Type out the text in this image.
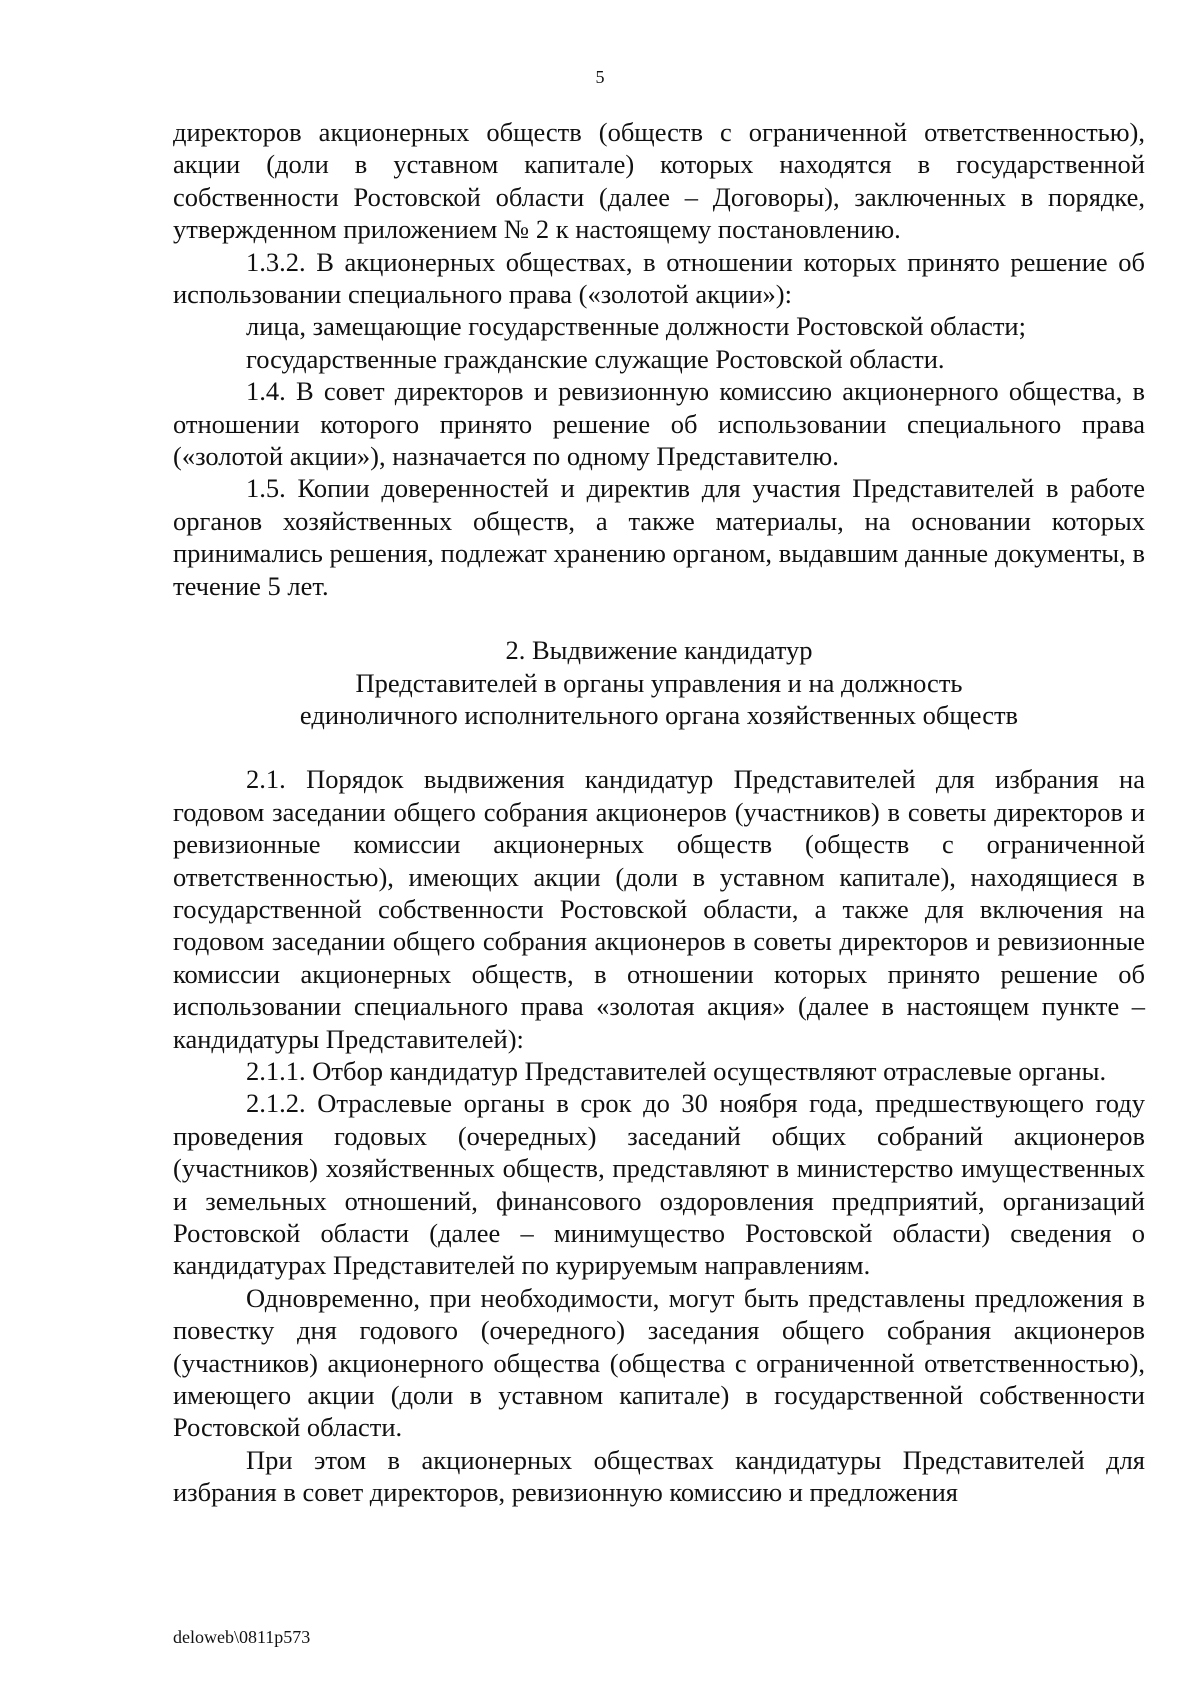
5

директоров акционерных обществ (обществ с ограниченной ответственностью), акции (доли в уставном капитале) которых находятся в государственной собственности Ростовской области (далее – Договоры), заключенных в порядке, утвержденном приложением № 2 к настоящему постановлению.

1.3.2. В акционерных обществах, в отношении которых принято решение об использовании специального права («золотой акции»):

лица, замещающие государственные должности Ростовской области;

государственные гражданские служащие Ростовской области.

1.4. В совет директоров и ревизионную комиссию акционерного общества, в отношении которого принято решение об использовании специального права («золотой акции»), назначается по одному Представителю.

1.5. Копии доверенностей и директив для участия Представителей в работе органов хозяйственных обществ, а также материалы, на основании которых принимались решения, подлежат хранению органом, выдавшим данные документы, в течение 5 лет.

2. Выдвижение кандидатур
Представителей в органы управления и на должность
единоличного исполнительного органа хозяйственных обществ

2.1. Порядок выдвижения кандидатур Представителей для избрания на годовом заседании общего собрания акционеров (участников) в советы директоров и ревизионные комиссии акционерных обществ (обществ с ограниченной ответственностью), имеющих акции (доли в уставном капитале), находящиеся в государственной собственности Ростовской области, а также для включения на годовом заседании общего собрания акционеров в советы директоров и ревизионные комиссии акционерных обществ, в отношении которых принято решение об использовании специального права «золотая акция» (далее в настоящем пункте – кандидатуры Представителей):

2.1.1. Отбор кандидатур Представителей осуществляют отраслевые органы.

2.1.2. Отраслевые органы в срок до 30 ноября года, предшествующего году проведения годовых (очередных) заседаний общих собраний акционеров (участников) хозяйственных обществ, представляют в министерство имущественных и земельных отношений, финансового оздоровления предприятий, организаций Ростовской области (далее – минимущество Ростовской области) сведения о кандидатурах Представителей по курируемым направлениям.

Одновременно, при необходимости, могут быть представлены предложения в повестку дня годового (очередного) заседания общего собрания акционеров (участников) акционерного общества (общества с ограниченной ответственностью), имеющего акции (доли в уставном капитале) в государственной собственности Ростовской области.

При этом в акционерных обществах кандидатуры Представителей для избрания в совет директоров, ревизионную комиссию и предложения

deloweb\0811p573
